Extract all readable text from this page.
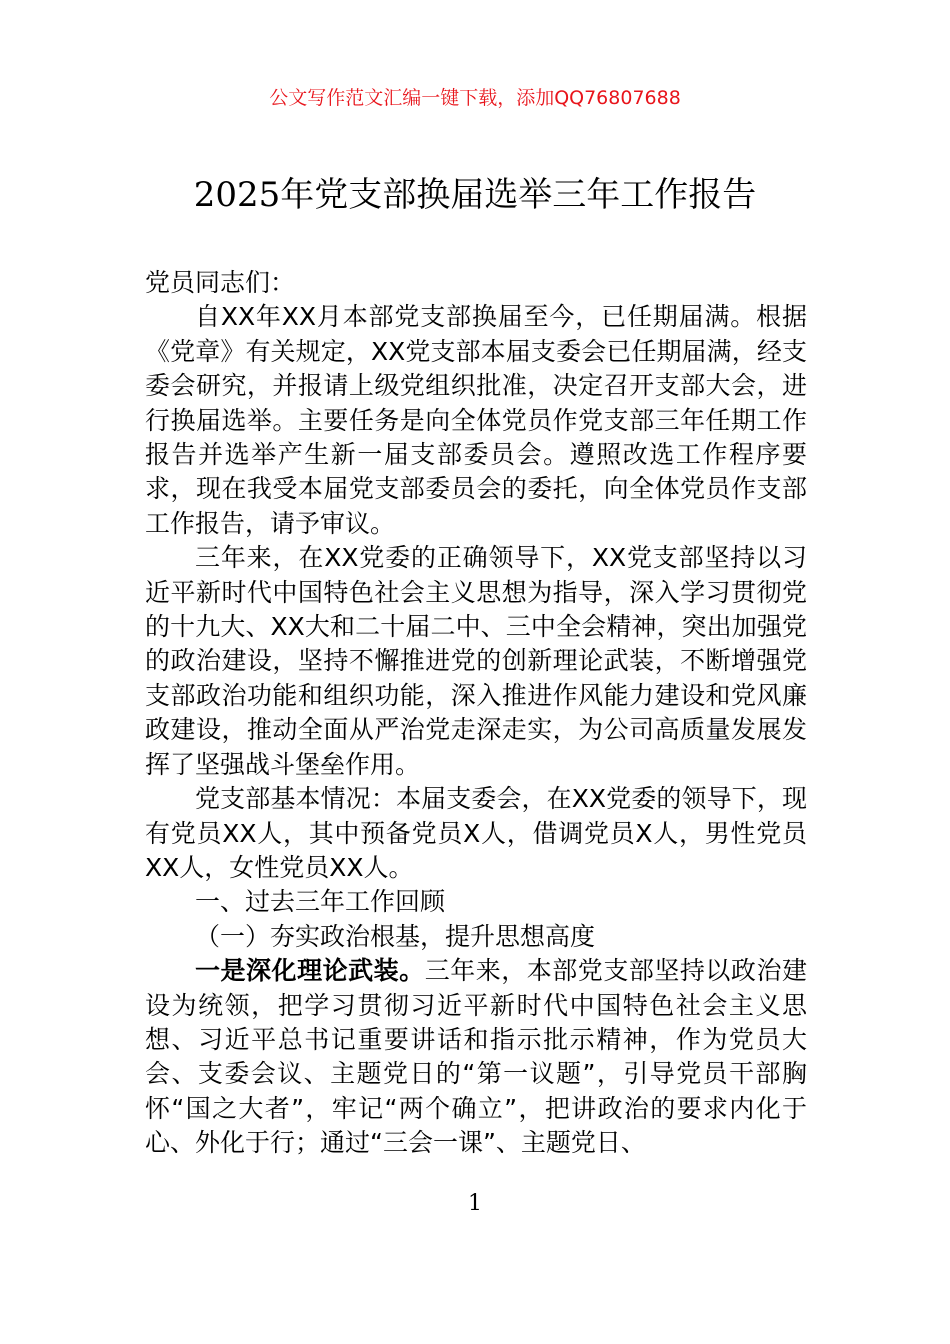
公文写作范文汇编一键下载，添加QQ76807688
2025年党支部换届选举三年工作报告

党员同志们：

自XX年XX月本部党支部换届至今，已任期届满。根据《党章》有关规定，XX党支部本届支委会已任期届满，经支委会研究，并报请上级党组织批准，决定召开支部大会，进行换届选举。主要任务是向全体党员作党支部三年任期工作报告并选举产生新一届支部委员会。遵照改选工作程序要求，现在我受本届党支部委员会的委托，向全体党员作支部工作报告，请予审议。

三年来，在XX党委的正确领导下，XX党支部坚持以习近平新时代中国特色社会主义思想为指导，深入学习贯彻党的十九大、XX大和二十届二中、三中全会精神，突出加强党的政治建设，坚持不懈推进党的创新理论武装，不断增强党支部政治功能和组织功能，深入推进作风能力建设和党风廉政建设，推动全面从严治党走深走实，为公司高质量发展发挥了坚强战斗堡垒作用。

党支部基本情况：本届支委会，在XX党委的领导下，现有党员XX人，其中预备党员X人，借调党员X人，男性党员XX人，女性党员XX人。

一、过去三年工作回顾

（一）夯实政治根基，提升思想高度

一是深化理论武装。三年来，本部党支部坚持以政治建设为统领，把学习贯彻习近平新时代中国特色社会主义思想、习近平总书记重要讲话和指示批示精神，作为党员大会、支委会议、主题党日的“第一议题”，引导党员干部胸怀“国之大者”，牢记“两个确立”，把讲政治的要求内化于心、外化于行；通过“三会一课”、主题党日、

1
